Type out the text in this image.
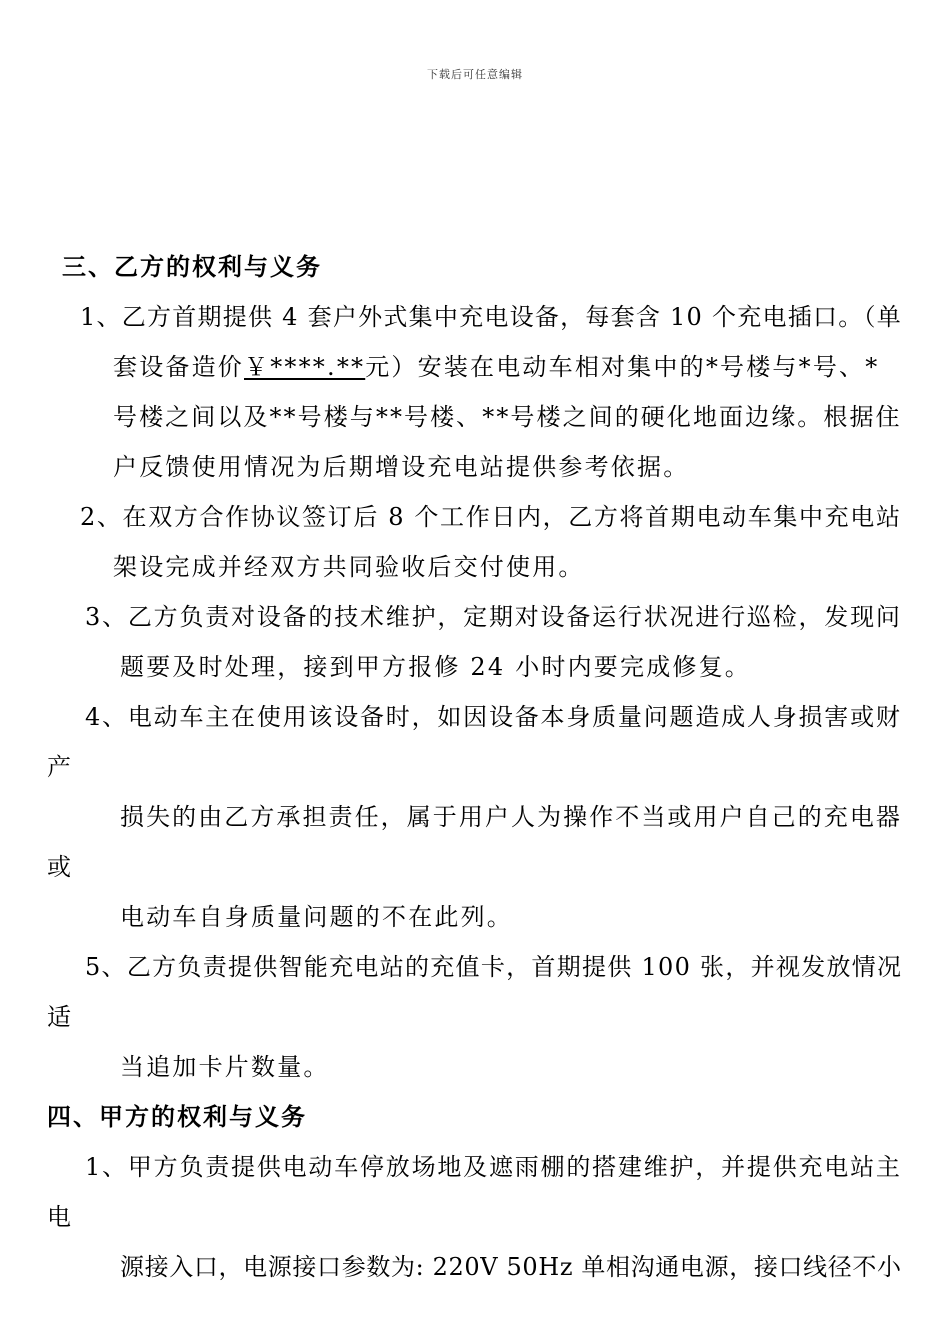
下载后可任意编辑
三、乙方的权利与义务
1、乙方首期提供 4 套户外式集中充电设备，每套含 10 个充电插口。（单
套设备造价￥****.**元）安装在电动车相对集中的*号楼与*号、*
号楼之间以及**号楼与**号楼、**号楼之间的硬化地面边缘。根据住
户反馈使用情况为后期增设充电站提供参考依据。
2、在双方合作协议签订后 8 个工作日内，乙方将首期电动车集中充电站
架设完成并经双方共同验收后交付使用。
3、乙方负责对设备的技术维护，定期对设备运行状况进行巡检，发现问
题要及时处理，接到甲方报修 24 小时内要完成修复。
4、电动车主在使用该设备时，如因设备本身质量问题造成人身损害或财
产
损失的由乙方承担责任，属于用户人为操作不当或用户自己的充电器
或
电动车自身质量问题的不在此列。
5、乙方负责提供智能充电站的充值卡，首期提供 100 张，并视发放情况
适
当追加卡片数量。
四、甲方的权利与义务
1、甲方负责提供电动车停放场地及遮雨棚的搭建维护，并提供充电站主
电
源接入口，电源接口参数为: 220V 50Hz 单相沟通电源，接口线径不小
